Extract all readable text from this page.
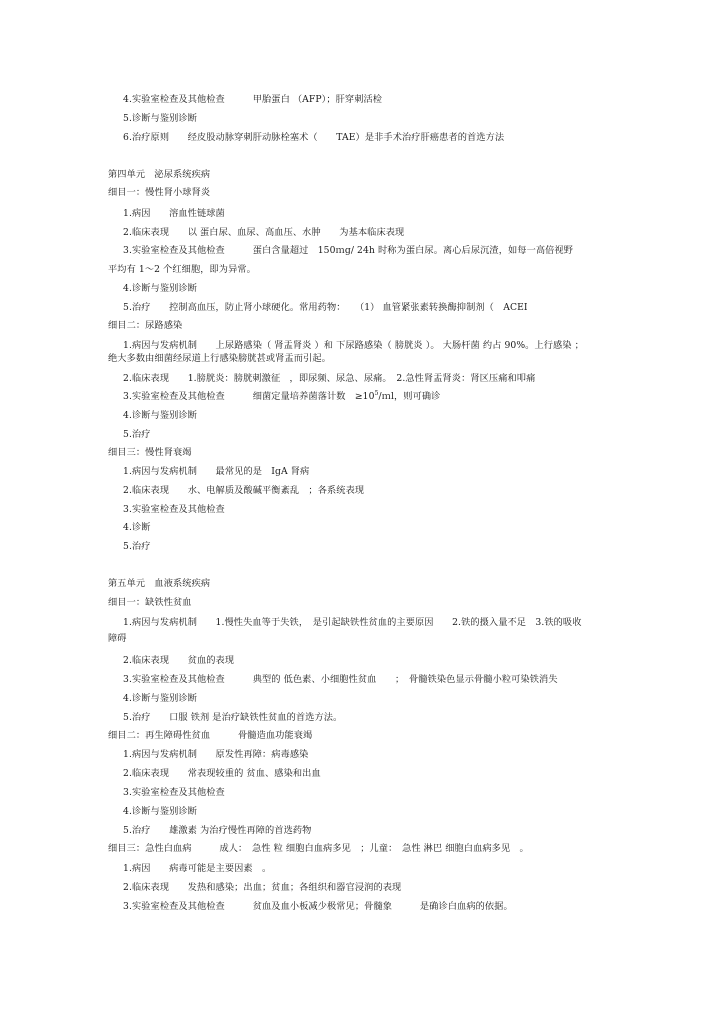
4.实验室检查及其他检查　　　甲胎蛋白 （AFP）；肝穿刺活检
5.诊断与鉴别诊断
6.治疗原则　　经皮股动脉穿刺肝动脉栓塞术（　　TAE）是非手术治疗肝癌患者的首选方法
第四单元　泌尿系统疾病
细目一：慢性肾小球肾炎
1.病因　　溶血性链球菌
2.临床表现　　以 蛋白尿、血尿、高血压、水肿　　为基本临床表现
3.实验室检查及其他检查　　　蛋白含量超过　150ｍg/ 24h 时称为蛋白尿。离心后尿沉渣，如每一高倍视野
平均有 1～2 个红细胞，即为异常。
4.诊断与鉴别诊断
5.治疗　　控制高血压，防止肾小球硬化。常用药物：　　（1） 血管紧张素转换酶抑制剂（　ACEI
细目二：尿路感染
1.病因与发病机制　　上尿路感染（ 肾盂肾炎 ）和 下尿路感染（ 膀胱炎 ）。 大肠杆菌 约占 90%。上行感染 ；
绝大多数由细菌经尿道上行感染膀胱甚或肾盂而引起。
2.临床表现　　1.膀胱炎：膀胱刺激征　，即尿频、尿急、尿痛。　2.急性肾盂肾炎：肾区压痛和叩痛
3.实验室检查及其他检查　　　细菌定量培养菌落计数　$\ge 10^5/ml$，则可确诊
4.诊断与鉴别诊断
5.治疗
细目三：慢性肾衰竭
1.病因与发病机制　　最常见的是　IgA 肾病
2.临床表现　　水、电解质及酸碱平衡紊乱　；各系统表现
3.实验室检查及其他检查
4.诊断
5.治疗
第五单元　血液系统疾病
细目一：缺铁性贫血
1.病因与发病机制　　1.慢性失血等于失铁，　是引起缺铁性贫血的主要原因　　2.铁的摄入量不足　3.铁的吸收
障碍
2.临床表现　　贫血的表现
3.实验室检查及其他检查　　　典型的 低色素、小细胞性贫血　　；　骨髓铁染色显示骨髓小粒可染铁消失
4.诊断与鉴别诊断
5.治疗　　口服 铁剂 是治疗缺铁性贫血的首选方法。
细目二：再生障碍性贫血　　　骨髓造血功能衰竭
1.病因与发病机制　　原发性再障：病毒感染
2.临床表现　　常表现较重的 贫血、感染和出血
3.实验室检查及其他检查
4.诊断与鉴别诊断
5.治疗　　雄激素 为治疗慢性再障的首选药物
细目三：急性白血病　　　成人：　急性 粒 细胞白血病多见　；儿童：　急性 淋巴 细胞白血病多见　。
1.病因　　病毒可能是主要因素　。
2.临床表现　　发热和感染；出血；贫血；各组织和器官浸润的表现
3.实验室检查及其他检查　　　贫血及血小板减少极常见；骨髓象　　　是确诊白血病的依据。
